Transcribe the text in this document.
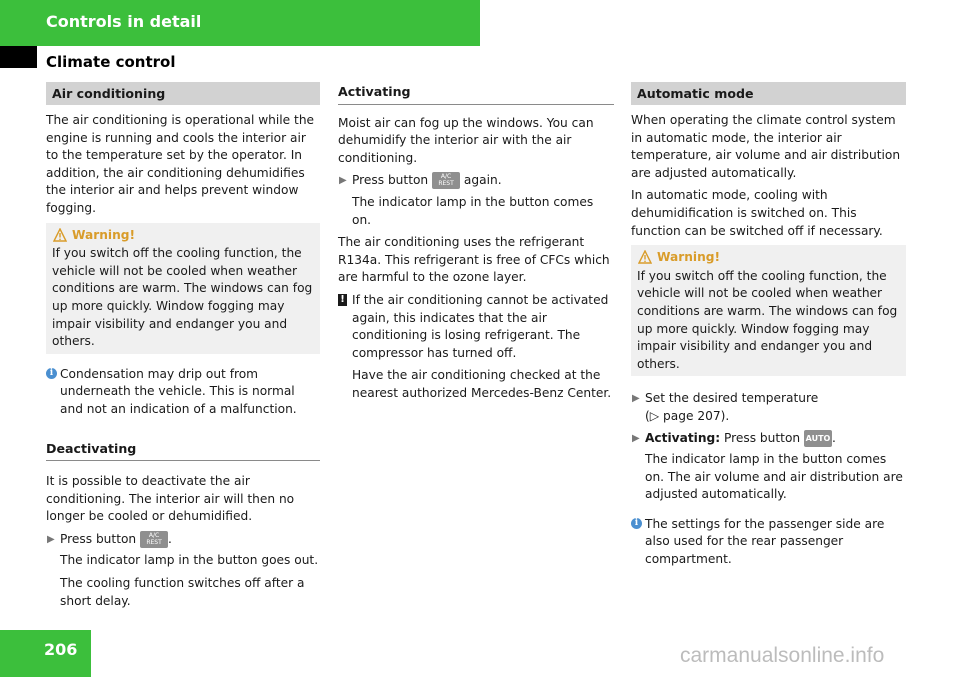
Controls in detail
Climate control
Air conditioning

The air conditioning is operational while the engine is running and cools the interior air to the temperature set by the operator. In addition, the air conditioning dehumidifies the interior air and helps prevent window fogging.

Warning!
If you switch off the cooling function, the vehicle will not be cooled when weather conditions are warm. The windows can fog up more quickly. Window fogging may impair visibility and endanger you and others.
i Condensation may drip out from underneath the vehicle. This is normal and not an indication of a malfunction.
Deactivating

It is possible to deactivate the air conditioning. The interior air will then no longer be cooled or dehumidified.

▶ Press button A/C
REST .
The indicator lamp in the button goes out.
The cooling function switches off after a short delay.
Activating

Moist air can fog up the windows. You can dehumidify the interior air with the air conditioning.

▶ Press button A/C
REST again.
The indicator lamp in the button comes on.

The air conditioning uses the refrigerant R134a. This refrigerant is free of CFCs which are harmful to the ozone layer.

! If the air conditioning cannot be activated again, this indicates that the air conditioning is losing refrigerant. The compressor has turned off.
Have the air conditioning checked at the nearest authorized Mercedes-Benz Center.
Automatic mode

When operating the climate control system in automatic mode, the interior air temperature, air volume and air distribution are adjusted automatically.

In automatic mode, cooling with dehumidification is switched on. This function can be switched off if necessary.

Warning!
If you switch off the cooling function, the vehicle will not be cooled when weather conditions are warm. The windows can fog up more quickly. Window fogging may impair visibility and endanger you and others.
▶ Set the desired temperature
(▷ page 207).
▶ Activating: Press button AUTO .
The indicator lamp in the button comes on. The air volume and air distribution are adjusted automatically.
i The settings for the passenger side are also used for the rear passenger compartment.
206	carmanualsonline.info
